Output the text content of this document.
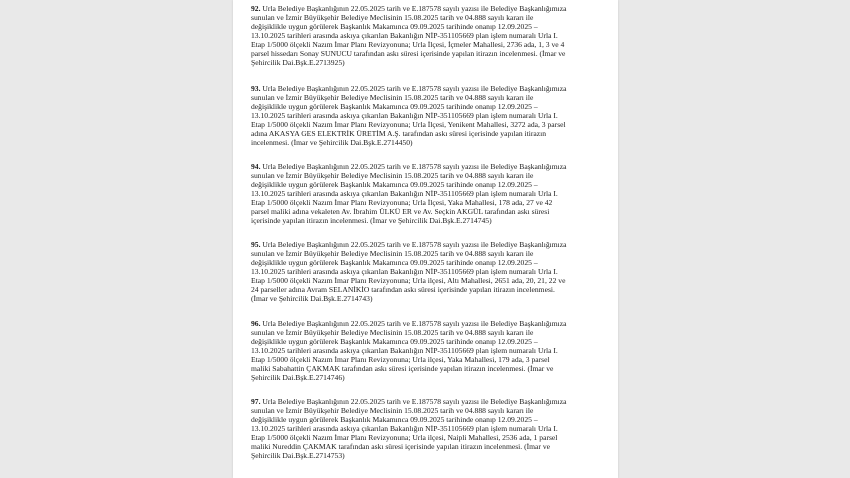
92. Urla Belediye Başkanlığının 22.05.2025 tarih ve E.187578 sayılı yazısı ile Belediye Başkanlığımıza
sunulan ve İzmir Büyükşehir Belediye Meclisinin 15.08.2025 tarih ve 04.888 sayılı kararı ile
değişiklikle uygun görülerek Başkanlık Makamınca 09.09.2025 tarihinde onanıp 12.09.2025 –
13.10.2025 tarihleri arasında askıya çıkarılan Bakanlığın NİP-351105669 plan işlem numaralı Urla I.
Etap 1/5000 ölçekli Nazım İmar Planı Revizyonuna; Urla İlçesi, İçmeler Mahallesi, 2736 ada, 1, 3 ve 4
parsel hissedarı Sonay SUNUCU tarafından askı süresi içerisinde yapılan itirazın incelenmesi. (İmar ve
Şehircilik Dai.Bşk.E.2713925)
93. Urla Belediye Başkanlığının 22.05.2025 tarih ve E.187578 sayılı yazısı ile Belediye Başkanlığımıza
sunulan ve İzmir Büyükşehir Belediye Meclisinin 15.08.2025 tarih ve 04.888 sayılı kararı ile
değişiklikle uygun görülerek Başkanlık Makamınca 09.09.2025 tarihinde onanıp 12.09.2025 –
13.10.2025 tarihleri arasında askıya çıkarılan Bakanlığın NİP-351105669 plan işlem numaralı Urla I.
Etap 1/5000 ölçekli Nazım İmar Planı Revizyonuna; Urla İlçesi, Yenikent Mahallesi, 3272 ada, 3 parsel
adına AKASYA GES ELEKTRİK ÜRETİM A.Ş. tarafından askı süresi içerisinde yapılan itirazın
incelenmesi. (İmar ve Şehircilik Dai.Bşk.E.2714450)
94. Urla Belediye Başkanlığının 22.05.2025 tarih ve E.187578 sayılı yazısı ile Belediye Başkanlığımıza
sunulan ve İzmir Büyükşehir Belediye Meclisinin 15.08.2025 tarih ve 04.888 sayılı kararı ile
değişiklikle uygun görülerek Başkanlık Makamınca 09.09.2025 tarihinde onanıp 12.09.2025 –
13.10.2025 tarihleri arasında askıya çıkarılan Bakanlığın NİP-351105669 plan işlem numaralı Urla I.
Etap 1/5000 ölçekli Nazım İmar Planı Revizyonuna; Urla İlçesi, Yaka Mahallesi, 178 ada, 27 ve 42
parsel maliki adına vekaleten Av. İbrahim ÜLKÜ ER ve Av. Seçkin AKGÜL tarafından askı süresi
içerisinde yapılan itirazın incelenmesi. (İmar ve Şehircilik Dai.Bşk.E.2714745)
95. Urla Belediye Başkanlığının 22.05.2025 tarih ve E.187578 sayılı yazısı ile Belediye Başkanlığımıza
sunulan ve İzmir Büyükşehir Belediye Meclisinin 15.08.2025 tarih ve 04.888 sayılı kararı ile
değişiklikle uygun görülerek Başkanlık Makamınca 09.09.2025 tarihinde onanıp 12.09.2025 –
13.10.2025 tarihleri arasında askıya çıkarılan Bakanlığın NİP-351105669 plan işlem numaralı Urla I.
Etap 1/5000 ölçekli Nazım İmar Planı Revizyonuna; Urla ilçesi, Altı Mahallesi, 2651 ada, 20, 21, 22 ve
24 parseller adına Avram SELANİKİO tarafından askı süresi içerisinde yapılan itirazın incelenmesi.
(İmar ve Şehircilik Dai.Bşk.E.2714743)
96. Urla Belediye Başkanlığının 22.05.2025 tarih ve E.187578 sayılı yazısı ile Belediye Başkanlığımıza
sunulan ve İzmir Büyükşehir Belediye Meclisinin 15.08.2025 tarih ve 04.888 sayılı kararı ile
değişiklikle uygun görülerek Başkanlık Makamınca 09.09.2025 tarihinde onanıp 12.09.2025 –
13.10.2025 tarihleri arasında askıya çıkarılan Bakanlığın NİP-351105669 plan işlem numaralı Urla I.
Etap 1/5000 ölçekli Nazım İmar Planı Revizyonuna; Urla ilçesi, Yaka Mahallesi, 179 ada, 3 parsel
maliki Sabahattin ÇAKMAK tarafından askı süresi içerisinde yapılan itirazın incelenmesi. (İmar ve
Şehircilik Dai.Bşk.E.2714746)
97. Urla Belediye Başkanlığının 22.05.2025 tarih ve E.187578 sayılı yazısı ile Belediye Başkanlığımıza
sunulan ve İzmir Büyükşehir Belediye Meclisinin 15.08.2025 tarih ve 04.888 sayılı kararı ile
değişiklikle uygun görülerek Başkanlık Makamınca 09.09.2025 tarihinde onanıp 12.09.2025 –
13.10.2025 tarihleri arasında askıya çıkarılan Bakanlığın NİP-351105669 plan işlem numaralı Urla I.
Etap 1/5000 ölçekli Nazım İmar Planı Revizyonuna; Urla ilçesi, Naipli Mahallesi, 2536 ada, 1 parsel
maliki Nureddin ÇAKMAK tarafından askı süresi içerisinde yapılan itirazın incelenmesi. (İmar ve
Şehircilik Dai.Bşk.E.2714753)
